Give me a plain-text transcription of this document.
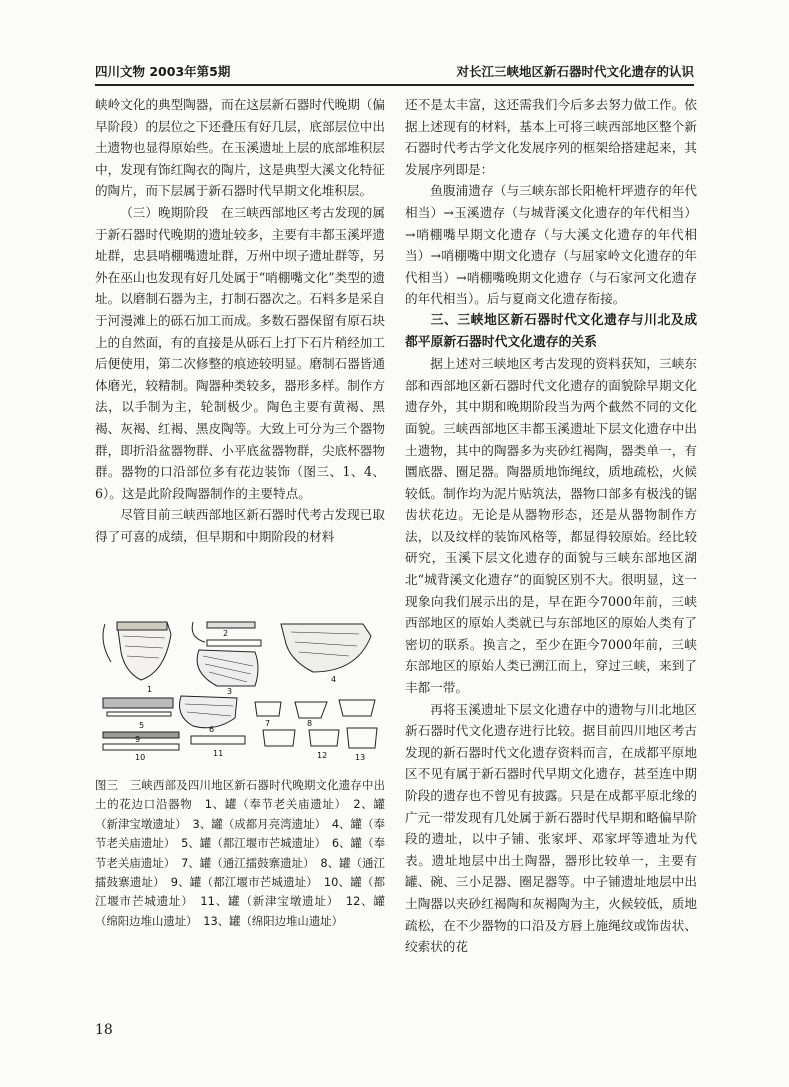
四川文物 2003年第5期	对长江三峡地区新石器时代文化遗存的认识

峡岭文化的典型陶器，而在这层新石器时代晚期（偏早阶段）的层位之下还叠压有好几层，底部层位中出土遗物也显得原始些。在玉溪遗址上层的底部堆积层中，发现有饰红陶衣的陶片，这是典型大溪文化特征的陶片，而下层属于新石器时代早期文化堆积层。

（三）晚期阶段　在三峡西部地区考古发现的属于新石器时代晚期的遗址较多，主要有丰都玉溪坪遗址群，忠县哨棚嘴遗址群，万州中坝子遗址群等，另外在巫山也发现有好几处属于“哨棚嘴文化”类型的遗址。以磨制石器为主，打制石器次之。石料多是采自于河漫滩上的砾石加工而成。多数石器保留有原石块上的自然面，有的直接是从砾石上打下石片稍经加工后便使用，第二次修整的痕迹较明显。磨制石器皆通体磨光，较精制。陶器种类较多，器形多样。制作方法，以手制为主，轮制极少。陶色主要有黄褐、黑褐、灰褐、红褐、黑皮陶等。大致上可分为三个器物群，即折沿盆器物群、小平底盆器物群，尖底杯器物群。器物的口沿部位多有花边装饰（图三、1、4、6）。这是此阶段陶器制作的主要特点。

尽管目前三峡西部地区新石器时代考古发现已取得了可喜的成绩，但早期和中期阶段的材料

1
2
3
4
5	6
7	8
9
10	11	12	13
图三　三峡西部及四川地区新石器时代晚期文化遗存中出土的花边口沿器物　1、罐（奉节老关庙遗址）　2、罐（新津宝墩遗址）　3、罐（成都月亮湾遗址）　4、罐（奉节老关庙遗址）　5、罐（都江堰市芒城遗址）　6、罐（奉节老关庙遗址）　7、罐（通江擂鼓寨遗址）　8、罐（通江擂鼓寨遗址）　9、罐（都江堰市芒城遗址）　10、罐（都江堰市芒城遗址）　11、罐（新津宝墩遗址）　12、罐（绵阳边堆山遗址）　13、罐（绵阳边堆山遗址）

还不是太丰富，这还需我们今后多去努力做工作。依据上述现有的材料，基本上可将三峡西部地区整个新石器时代考古学文化发展序列的框架给搭建起来，其发展序列即是：

鱼腹浦遗存（与三峡东部长阳桅杆坪遗存的年代相当）→玉溪遗存（与城背溪文化遗存的年代相当）→哨棚嘴早期文化遗存（与大溪文化遗存的年代相当）→哨棚嘴中期文化遗存（与屈家岭文化遗存的年代相当）→哨棚嘴晚期文化遗存（与石家河文化遗存的年代相当）。后与夏商文化遗存衔接。

三、三峡地区新石器时代文化遗存与川北及成都平原新石器时代文化遗存的关系

据上述对三峡地区考古发现的资料获知，三峡东部和西部地区新石器时代文化遗存的面貌除早期文化遗存外，其中期和晚期阶段当为两个截然不同的文化面貌。三峡西部地区丰都玉溪遗址下层文化遗存中出土遗物，其中的陶器多为夹砂红褐陶，器类单一，有圜底器、圈足器。陶器质地饰绳纹，质地疏松，火候较低。制作均为泥片贴筑法，器物口部多有极浅的锯齿状花边。无论是从器物形态，还是从器物制作方法，以及纹样的装饰风格等，都显得较原始。经比较研究，玉溪下层文化遗存的面貌与三峡东部地区湖北“城背溪文化遗存”的面貌区别不大。很明显，这一现象向我们展示出的是，早在距今7000年前，三峡西部地区的原始人类就已与东部地区的原始人类有了密切的联系。换言之，至少在距今7000年前，三峡东部地区的原始人类已溯江而上，穿过三峡，来到了丰都一带。

再将玉溪遗址下层文化遗存中的遗物与川北地区新石器时代文化遗存进行比较。据目前四川地区考古发现的新石器时代文化遗存资料而言，在成都平原地区不见有属于新石器时代早期文化遗存，甚至连中期阶段的遗存也不曾见有披露。只是在成都平原北缘的广元一带发现有几处属于新石器时代早期和略偏早阶段的遗址，以中子铺、张家坪、邓家坪等遗址为代表。遗址地层中出土陶器，器形比较单一，主要有罐、碗、三小足器、圈足器等。中子铺遗址地层中出土陶器以夹砂红褐陶和灰褐陶为主，火候较低，质地疏松，在不少器物的口沿及方唇上施绳纹或饰齿状、绞索状的花

18
